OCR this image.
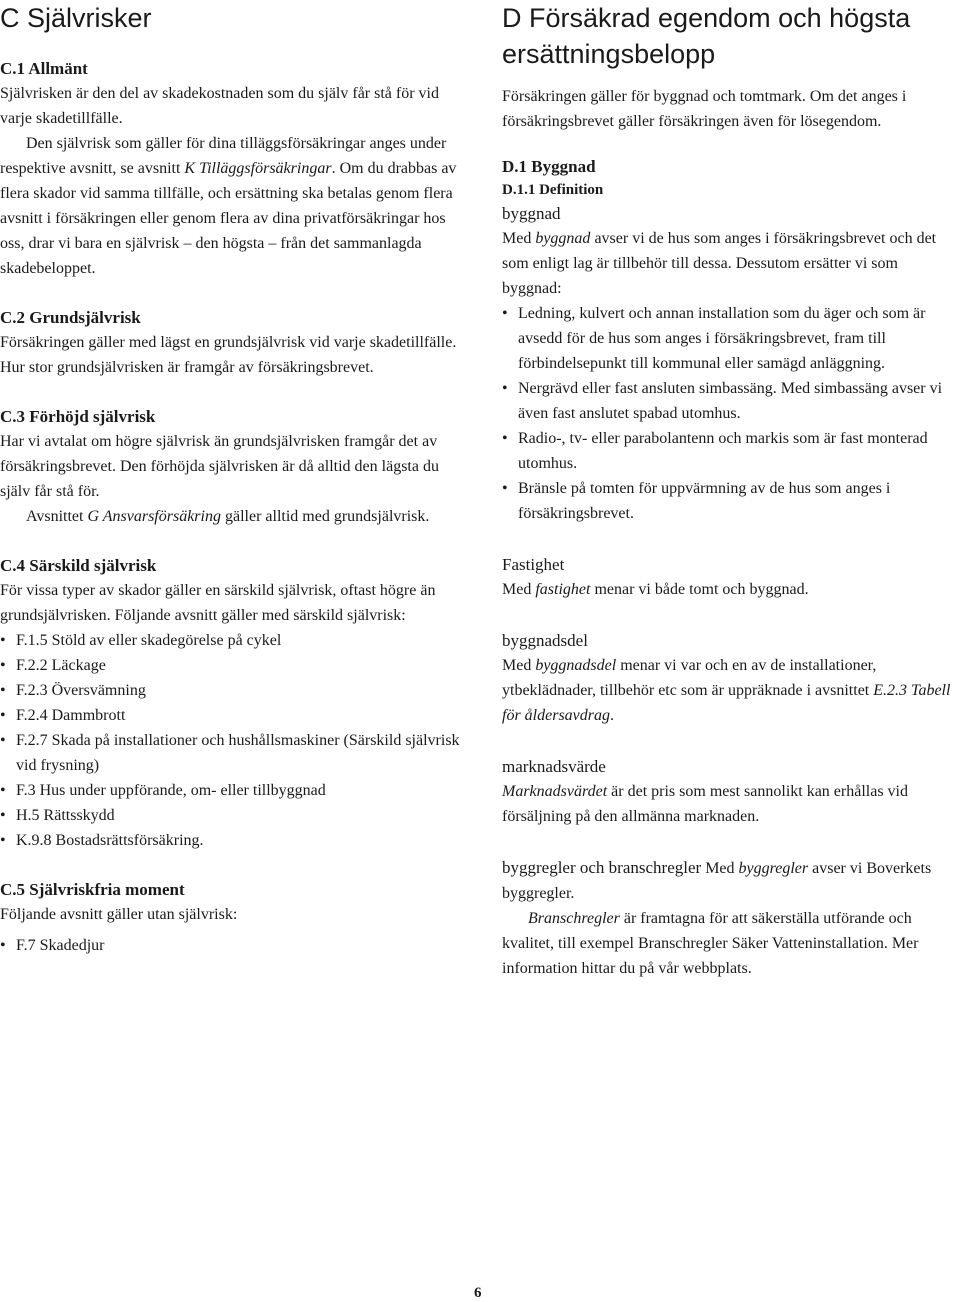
C Självrisker
C.1 Allmänt

Självrisken är den del av skadekostnaden som du själv får stå för vid varje skadetillfälle.

Den självrisk som gäller för dina tilläggsförsäkringar anges under respektive avsnitt, se avsnitt K Tilläggsförsäkringar. Om du drabbas av flera skador vid samma tillfälle, och ersättning ska betalas genom flera avsnitt i försäkringen eller genom flera av dina privatförsäkringar hos oss, drar vi bara en självrisk – den högsta – från det sammanlagda skadebeloppet.

C.2 Grundsjälvrisk

Försäkringen gäller med lägst en grundsjälvrisk vid varje skadetillfälle. Hur stor grundsjälvrisken är framgår av försäkringsbrevet.

C.3 Förhöjd självrisk

Har vi avtalat om högre självrisk än grundsjälvrisken framgår det av försäkringsbrevet. Den förhöjda självrisken är då alltid den lägsta du själv får stå för.

Avsnittet G Ansvarsförsäkring gäller alltid med grundsjälvrisk.

C.4 Särskild självrisk

För vissa typer av skador gäller en särskild självrisk, oftast högre än grundsjälvrisken. Följande avsnitt gäller med särskild självrisk:

• F.1.5 Stöld av eller skadegörelse på cykel
• F.2.2 Läckage
• F.2.3 Översvämning
• F.2.4 Dammbrott
• F.2.7 Skada på installationer och hushållsmaskiner (Särskild självrisk vid frysning)
• F.3 Hus under uppförande, om- eller tillbyggnad
• H.5 Rättsskydd
• K.9.8 Bostadsrättsförsäkring.
C.5 Självriskfria moment

Följande avsnitt gäller utan självrisk:

• F.7 Skadedjur
D Försäkrad egendom och högsta ersättningsbelopp

Försäkringen gäller för byggnad och tomtmark. Om det anges i försäkringsbrevet gäller försäkringen även för lösegendom.

D.1 Byggnad
D.1.1 Definition
byggnad

Med byggnad avser vi de hus som anges i försäkringsbrevet och det som enligt lag är tillbehör till dessa. Dessutom ersätter vi som byggnad:

• Ledning, kulvert och annan installation som du äger och som är avsedd för de hus som anges i försäkringsbrevet, fram till förbindelsepunkt till kommunal eller samägd anläggning.
• Nergrävd eller fast ansluten simbassäng. Med simbassäng avser vi även fast anslutet spabad utomhus.
• Radio-, tv- eller parabolantenn och markis som är fast monterad utomhus.
• Bränsle på tomten för uppvärmning av de hus som anges i försäkringsbrevet.
Fastighet

Med fastighet menar vi både tomt och byggnad.

byggnadsdel

Med byggnadsdel menar vi var och en av de installationer, ytbeklädnader, tillbehör etc som är uppräknade i avsnittet E.2.3 Tabell för åldersavdrag.

marknadsvärde

Marknadsvärdet är det pris som mest sannolikt kan erhållas vid försäljning på den allmänna marknaden.

byggregler och branschregler Med byggregler avser vi Boverkets byggregler.

Branschregler är framtagna för att säkerställa utförande och kvalitet, till exempel Branschregler Säker Vatteninstallation. Mer information hittar du på vår webbplats.

6
